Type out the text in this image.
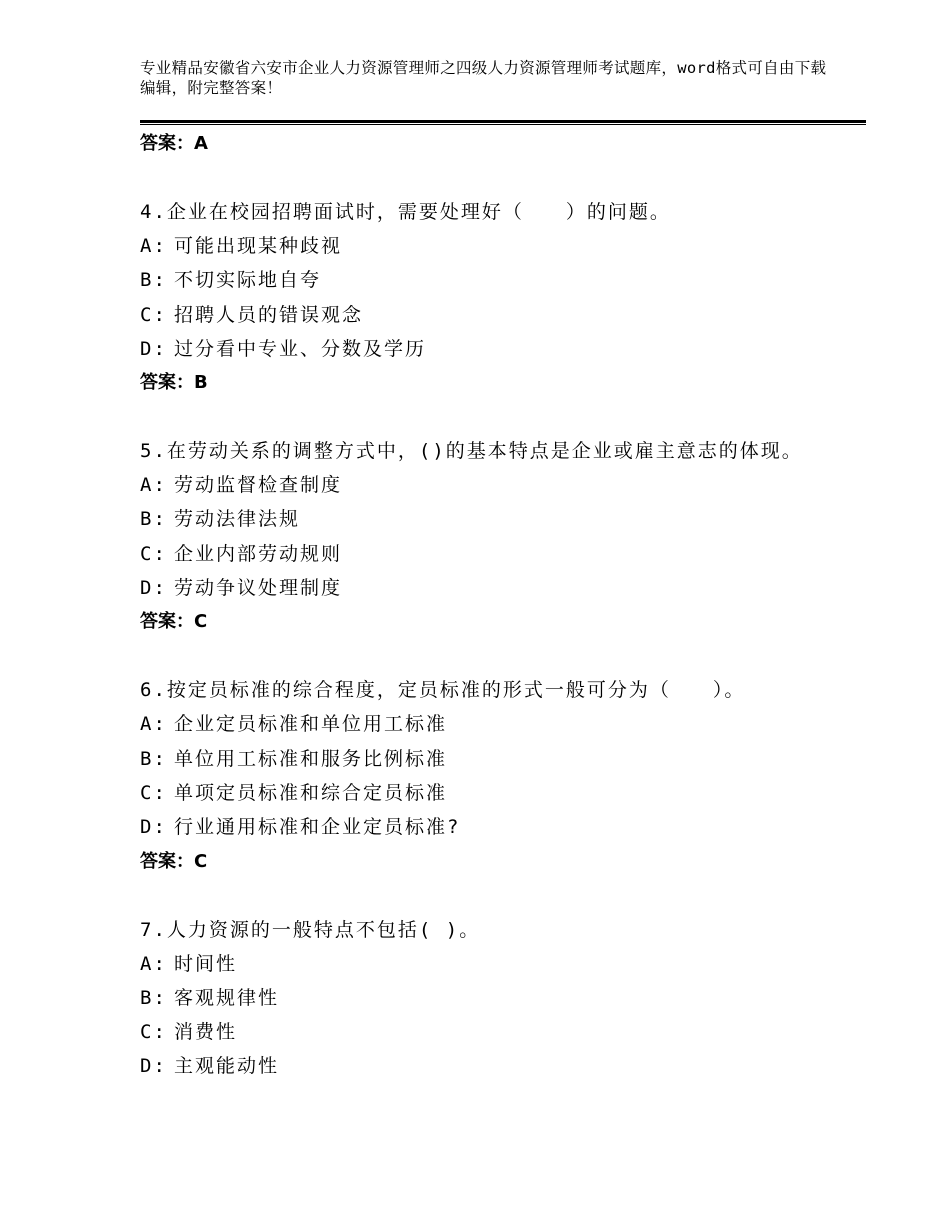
专业精品安徽省六安市企业人力资源管理师之四级人力资源管理师考试题库，word格式可自由下载编辑，附完整答案！
答案：A
4.企业在校园招聘面试时，需要处理好（　　）的问题。
A: 可能出现某种歧视
B: 不切实际地自夸
C: 招聘人员的错误观念
D: 过分看中专业、分数及学历
答案：B
5.在劳动关系的调整方式中，()的基本特点是企业或雇主意志的体现。
A: 劳动监督检查制度
B: 劳动法律法规
C: 企业内部劳动规则
D: 劳动争议处理制度
答案：C
6.按定员标准的综合程度，定员标准的形式一般可分为（　　）。
A: 企业定员标准和单位用工标准
B: 单位用工标准和服务比例标准
C: 单项定员标准和综合定员标准
D: 行业通用标准和企业定员标准?
答案：C
7.人力资源的一般特点不包括( )。
A: 时间性
B: 客观规律性
C: 消费性
D: 主观能动性
